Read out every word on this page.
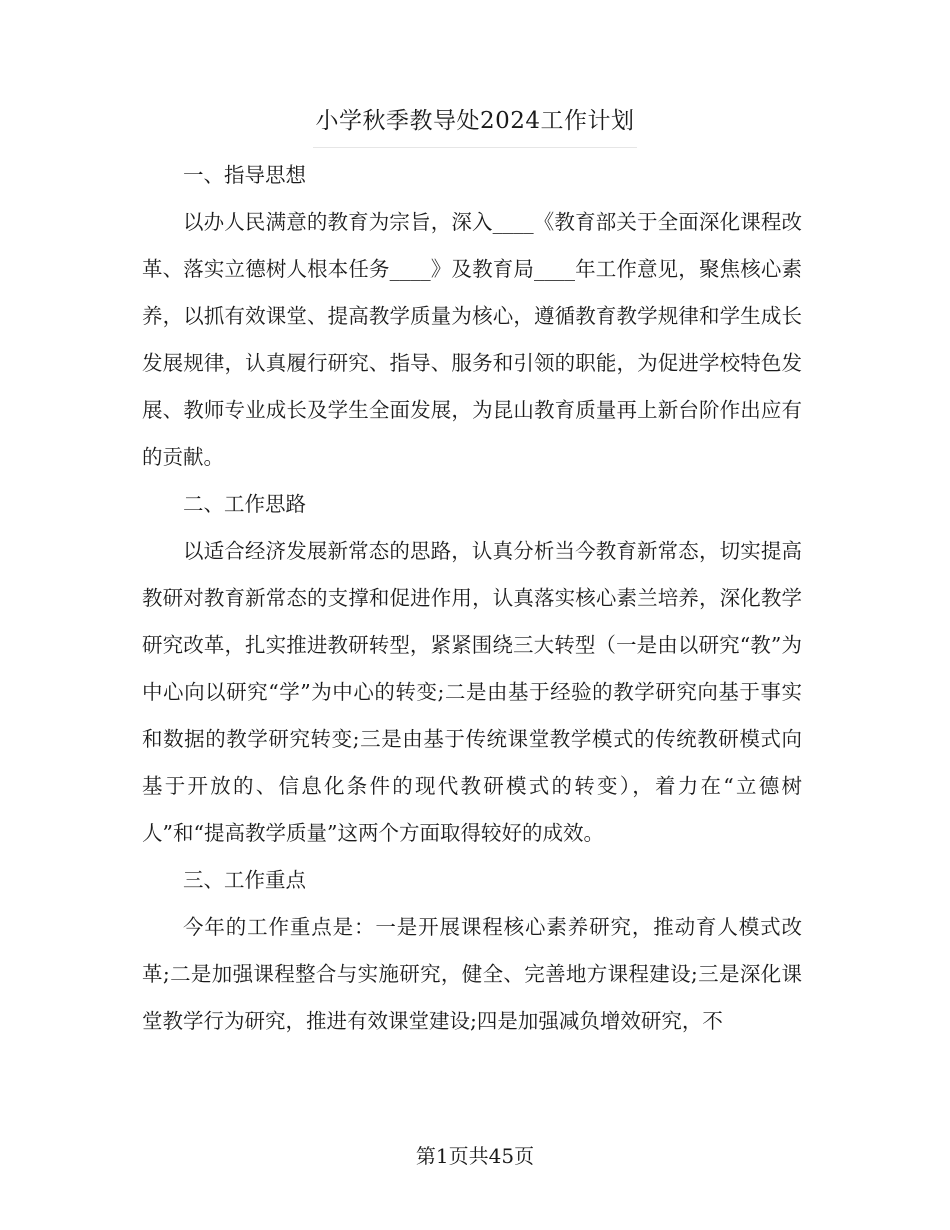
小学秋季教导处2024工作计划
一、指导思想

以办人民满意的教育为宗旨，深入____《教育部关于全面深化课程改革、落实立德树人根本任务____》及教育局____年工作意见，聚焦核心素养，以抓有效课堂、提高教学质量为核心，遵循教育教学规律和学生成长发展规律，认真履行研究、指导、服务和引领的职能，为促进学校特色发展、教师专业成长及学生全面发展，为昆山教育质量再上新台阶作出应有的贡献。

二、工作思路

以适合经济发展新常态的思路，认真分析当今教育新常态，切实提高教研对教育新常态的支撑和促进作用，认真落实核心素兰培养，深化教学研究改革，扎实推进教研转型，紧紧围绕三大转型（一是由以研究“教”为中心向以研究“学”为中心的转变;二是由基于经验的教学研究向基于事实和数据的教学研究转变;三是由基于传统课堂教学模式的传统教研模式向基于开放的、信息化条件的现代教研模式的转变），着力在“立德树人”和“提高教学质量”这两个方面取得较好的成效。

三、工作重点

今年的工作重点是：一是开展课程核心素养研究，推动育人模式改革;二是加强课程整合与实施研究，健全、完善地方课程建设;三是深化课堂教学行为研究，推进有效课堂建设;四是加强减负增效研究，不

第1页共45页
